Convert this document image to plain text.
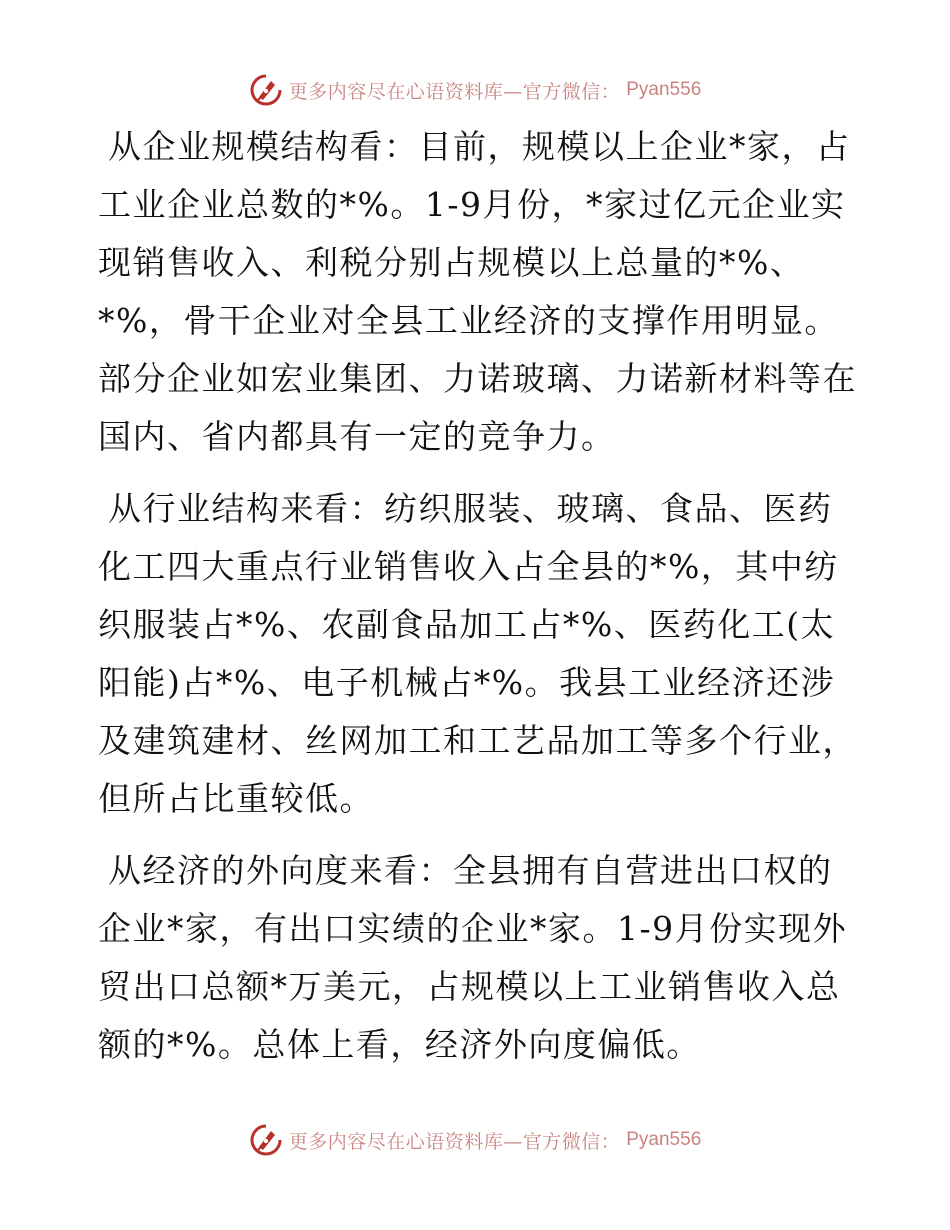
更多内容尽在心语资料库—官方微信： Pyan556

从企业规模结构看：目前，规模以上企业*家，占工业企业总数的*%。1-9月份，*家过亿元企业实现销售收入、利税分别占规模以上总量的*%、*%，骨干企业对全县工业经济的支撑作用明显。部分企业如宏业集团、力诺玻璃、力诺新材料等在国内、省内都具有一定的竞争力。

从行业结构来看：纺织服装、玻璃、食品、医药化工四大重点行业销售收入占全县的*%，其中纺织服装占*%、农副食品加工占*%、医药化工(太阳能)占*%、电子机械占*%。我县工业经济还涉及建筑建材、丝网加工和工艺品加工等多个行业，但所占比重较低。

从经济的外向度来看：全县拥有自营进出口权的企业*家，有出口实绩的企业*家。1-9月份实现外贸出口总额*万美元，占规模以上工业销售收入总额的*%。总体上看，经济外向度偏低。

更多内容尽在心语资料库—官方微信： Pyan556
